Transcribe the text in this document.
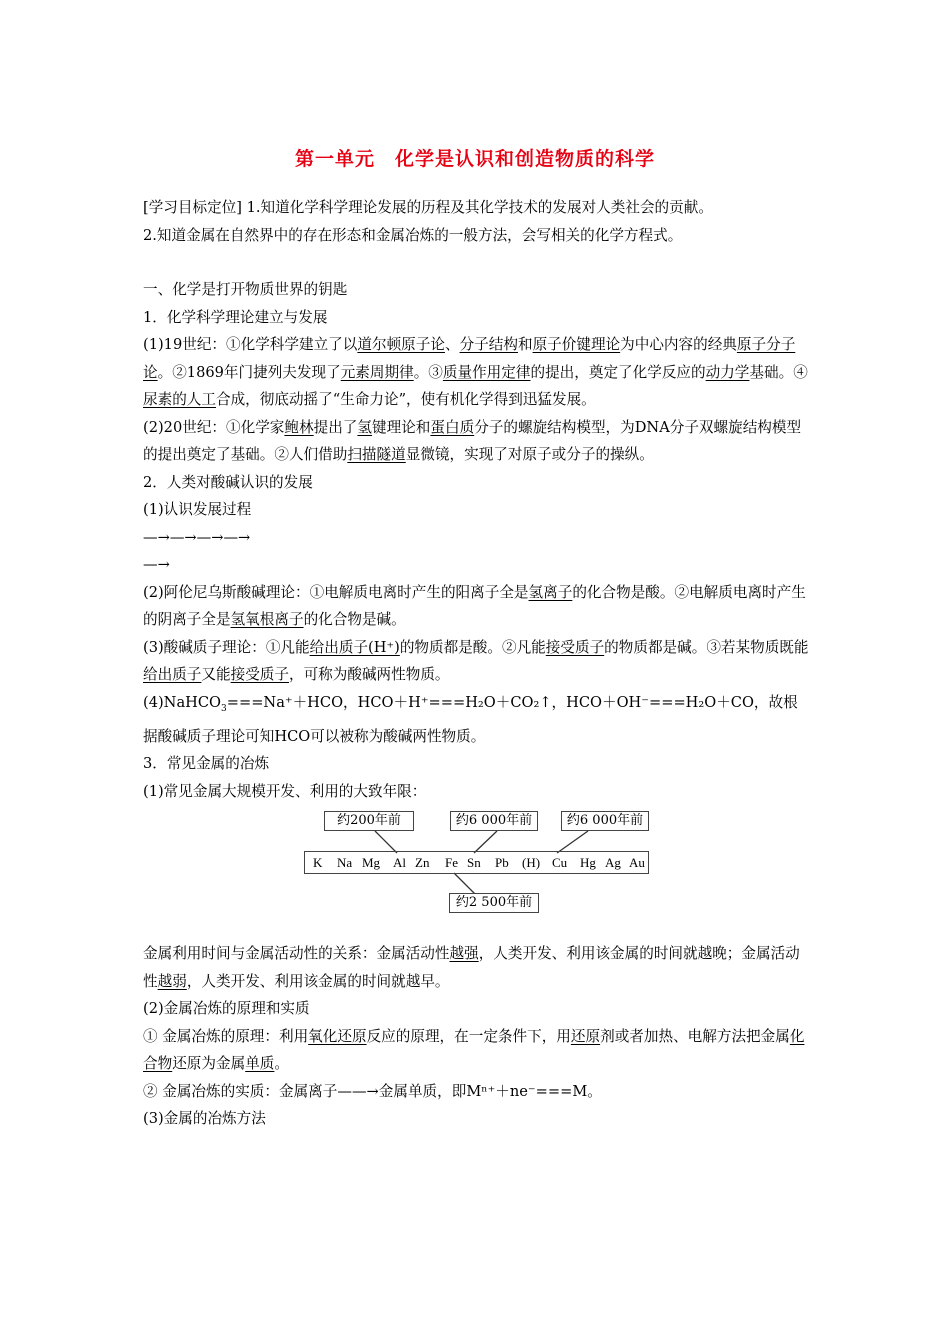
第一单元　化学是认识和创造物质的科学

[学习目标定位] 1.知道化学科学理论发展的历程及其化学技术的发展对人类社会的贡献。
2.知道金属在自然界中的存在形态和金属冶炼的一般方法，会写相关的化学方程式。

一、化学是打开物质世界的钥匙

1．化学科学理论建立与发展

(1)19世纪：①化学科学建立了以道尔顿原子论、分子结构和原子价键理论为中心内容的经典原子分子论。②1869年门捷列夫发现了元素周期律。③质量作用定律的提出，奠定了化学反应的动力学基础。④尿素的人工合成，彻底动摇了“生命力论”，使有机化学得到迅猛发展。

(2)20世纪：①化学家鲍林提出了氢键理论和蛋白质分子的螺旋结构模型，为DNA分子双螺旋结构模型的提出奠定了基础。②人们借助扫描隧道显微镜，实现了对原子或分子的操纵。

2．人类对酸碱认识的发展

(1)认识发展过程

—→—→—→—→

—→

(2)阿伦尼乌斯酸碱理论：①电解质电离时产生的阳离子全是氢离子的化合物是酸。②电解质电离时产生的阴离子全是氢氧根离子的化合物是碱。

(3)酸碱质子理论：①凡能给出质子(H⁺)的物质都是酸。②凡能接受质子的物质都是碱。③若某物质既能给出质子又能接受质子，可称为酸碱两性物质。

(4)NaHCO$_3$===Na⁺＋HCO，HCO＋H⁺===H₂O＋CO₂↑，HCO＋OH⁻===H₂O＋CO，故根据酸碱质子理论可知HCO可以被称为酸碱两性物质。

3．常见金属的冶炼

(1)常见金属大规模开发、利用的大致年限：

约200年前	约6 000年前	约6 000年前
K Na Mg Al Zn Fe Sn Pb (H) Cu Hg Ag Au
约2 500年前

金属利用时间与金属活动性的关系：金属活动性越强，人类开发、利用该金属的时间就越晚；金属活动性越弱，人类开发、利用该金属的时间就越早。

(2)金属冶炼的原理和实质

① 金属冶炼的原理：利用氧化还原反应的原理，在一定条件下，用还原剂或者加热、电解方法把金属化合物还原为金属单质。

② 金属冶炼的实质：金属离子——→金属单质，即Mⁿ⁺＋ne⁻===M。

(3)金属的冶炼方法
